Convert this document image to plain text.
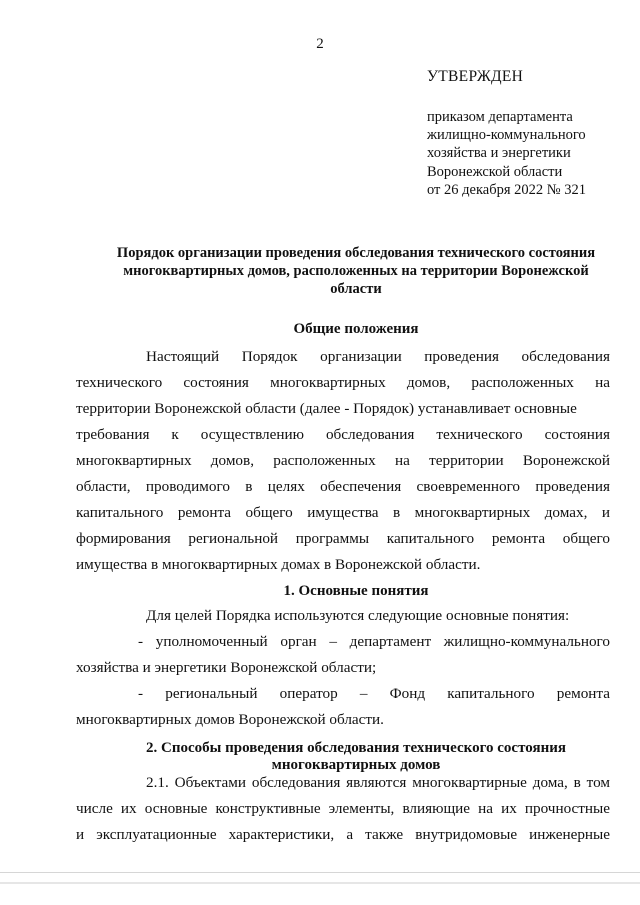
2
УТВЕРЖДЕН
приказом департамента
жилищно-коммунального
хозяйства и энергетики
Воронежской области
от 26 декабря 2022 № 321
Порядок организации проведения обследования технического состояния
многоквартирных домов, расположенных на территории Воронежской
области
Общие положения
Настоящий Порядок организации проведения обследования
технического состояния многоквартирных домов, расположенных на
территории Воронежской области (далее - Порядок) устанавливает основные
требования к осуществлению обследования технического состояния
многоквартирных домов, расположенных на территории Воронежской
области, проводимого в целях обеспечения своевременного проведения
капитального ремонта общего имущества в многоквартирных домах, и
формирования региональной программы капитального ремонта общего
имущества в многоквартирных домах в Воронежской области.
1. Основные понятия
Для целей Порядка используются следующие основные понятия:
- уполномоченный орган – департамент жилищно-коммунального
хозяйства и энергетики Воронежской области;
- региональный оператор – Фонд капитального ремонта
многоквартирных домов Воронежской области.
2. Способы проведения обследования технического состояния
многоквартирных домов
2.1. Объектами обследования являются многоквартирные дома, в том
числе их основные конструктивные элементы, влияющие на их прочностные
и эксплуатационные характеристики, а также внутридомовые инженерные
